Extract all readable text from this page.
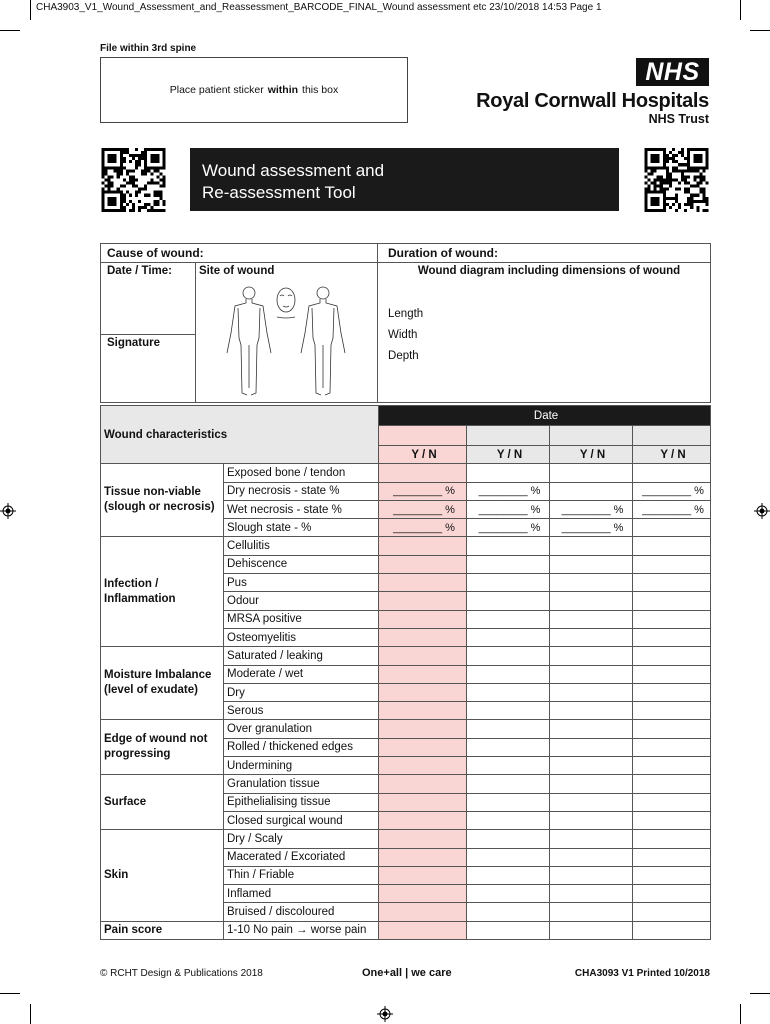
CHA3903_V1_Wound_Assessment_and_Reassessment_BARCODE_FINAL_Wound assessment etc 23/10/2018 14:53 Page 1
File within 3rd spine
Place patient sticker within this box
NHS
Royal Cornwall Hospitals
NHS Trust
Wound assessment and
Re-assessment Tool
Cause of wound:		Duration of wound:
Date / Time:	Site of wound	Wound diagram including dimensions of wound
Length
Width
Depth

Signature		
Wound characteristics		Date			

		Y / N	Y / N	Y / N	Y / N
Tissue non-viable (slough or necrosis)	Exposed bone / tendon				
	Dry necrosis - state %	________ %	________ %		________ %
	Wet necrosis - state %	________ %	________ %	________ %	________ %
	Slough state - %	________ %	________ %	________ %	
Infection / Inflammation	Cellulitis				
	Dehiscence				
	Pus				
	Odour				
	MRSA positive				
	Osteomyelitis				
Moisture Imbalance (level of exudate)	Saturated / leaking				
	Moderate / wet				
	Dry				
	Serous				
Edge of wound not progressing	Over granulation				
	Rolled / thickened edges				
	Undermining				
Surface	Granulation tissue				
	Epithelialising tissue				
	Closed surgical wound				
Skin	Dry / Scaly				
	Macerated / Excoriated				
	Thin / Friable				
	Inflamed				
	Bruised / discoloured				
Pain score	1-10 No pain → worse pain				
© RCHT Design & Publications 2018	One+all | we care	CHA3093 V1 Printed 10/2018
